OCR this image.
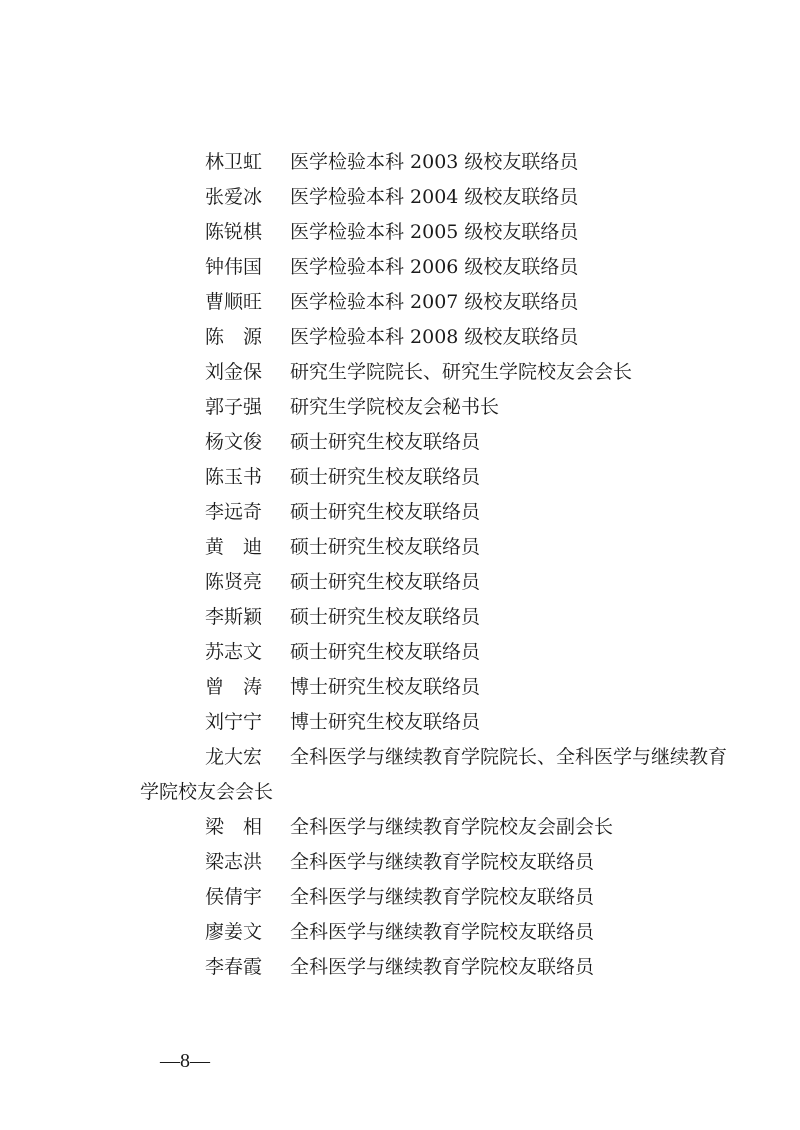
林卫虹 医学检验本科 2003 级校友联络员
张爱冰 医学检验本科 2004 级校友联络员
陈锐棋 医学检验本科 2005 级校友联络员
钟伟国 医学检验本科 2006 级校友联络员
曹顺旺 医学检验本科 2007 级校友联络员
陈　源 医学检验本科 2008 级校友联络员
刘金保 研究生学院院长、研究生学院校友会会长
郭子强 研究生学院校友会秘书长
杨文俊 硕士研究生校友联络员
陈玉书 硕士研究生校友联络员
李远奇 硕士研究生校友联络员
黄　迪 硕士研究生校友联络员
陈贤亮 硕士研究生校友联络员
李斯颖 硕士研究生校友联络员
苏志文 硕士研究生校友联络员
曾　涛 博士研究生校友联络员
刘宁宁 博士研究生校友联络员
龙大宏 全科医学与继续教育学院院长、全科医学与继续教育
学院校友会会长
梁　相 全科医学与继续教育学院校友会副会长
梁志洪 全科医学与继续教育学院校友联络员
侯倩宇 全科医学与继续教育学院校友联络员
廖姜文 全科医学与继续教育学院校友联络员
李春霞 全科医学与继续教育学院校友联络员
—8—
